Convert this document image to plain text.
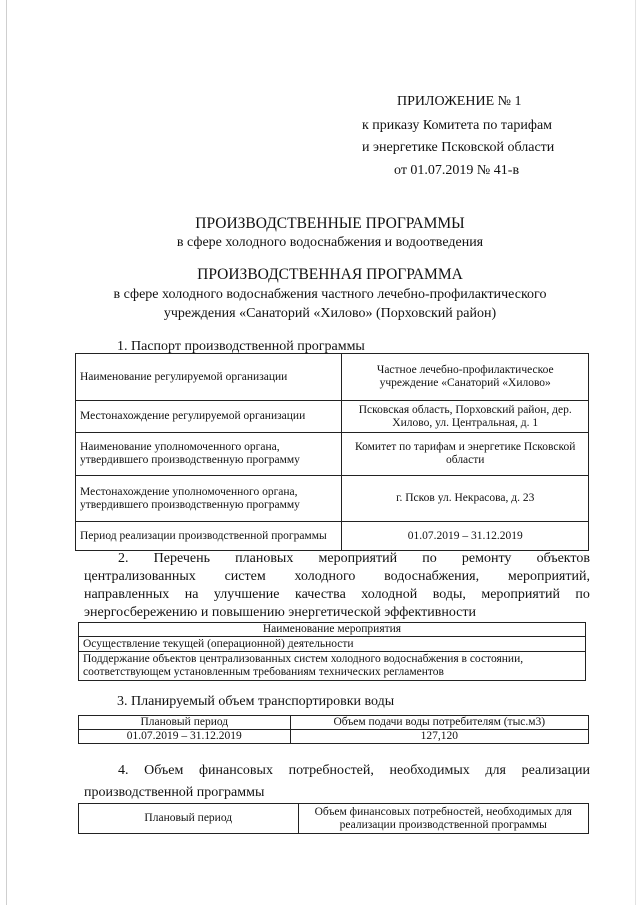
ПРИЛОЖЕНИЕ № 1
к приказу Комитета по тарифам
и энергетике Псковской области
от 01.07.2019 № 41-в
ПРОИЗВОДСТВЕННЫЕ ПРОГРАММЫ
в сфере холодного водоснабжения и водоотведения
ПРОИЗВОДСТВЕННАЯ ПРОГРАММА
в сфере холодного водоснабжения частного лечебно-профилактического
учреждения «Санаторий «Хилово» (Порховский район)
1. Паспорт производственной программы
Наименование регулируемой организации	Частное лечебно-профилактическое учреждение «Санаторий «Хилово»
Местонахождение регулируемой организации	Псковская область, Порховский район, дер. Хилово, ул. Центральная, д. 1
Наименование уполномоченного органа, утвердившего производственную программу	Комитет по тарифам и энергетике Псковской области
Местонахождение уполномоченного органа, утвердившего производственную программу	г. Псков ул. Некрасова, д. 23
Период реализации производственной программы	01.07.2019 – 31.12.2019
2. Перечень плановых мероприятий по ремонту объектов
централизованных систем холодного водоснабжения, мероприятий,
направленных на улучшение качества холодной воды, мероприятий по
энергосбережению и повышению энергетической эффективности
Наименование мероприятия
Осуществление текущей (операционной) деятельности
Поддержание объектов централизованных систем холодного водоснабжения в состоянии, соответствующем установленным требованиям технических регламентов
3. Планируемый объем транспортировки воды
Плановый период	Объем подачи воды потребителям (тыс.м3)
01.07.2019 – 31.12.2019	127,120
4. Объем финансовых потребностей, необходимых для реализации
производственной программы
Плановый период	Объем финансовых потребностей, необходимых для реализации производственной программы
